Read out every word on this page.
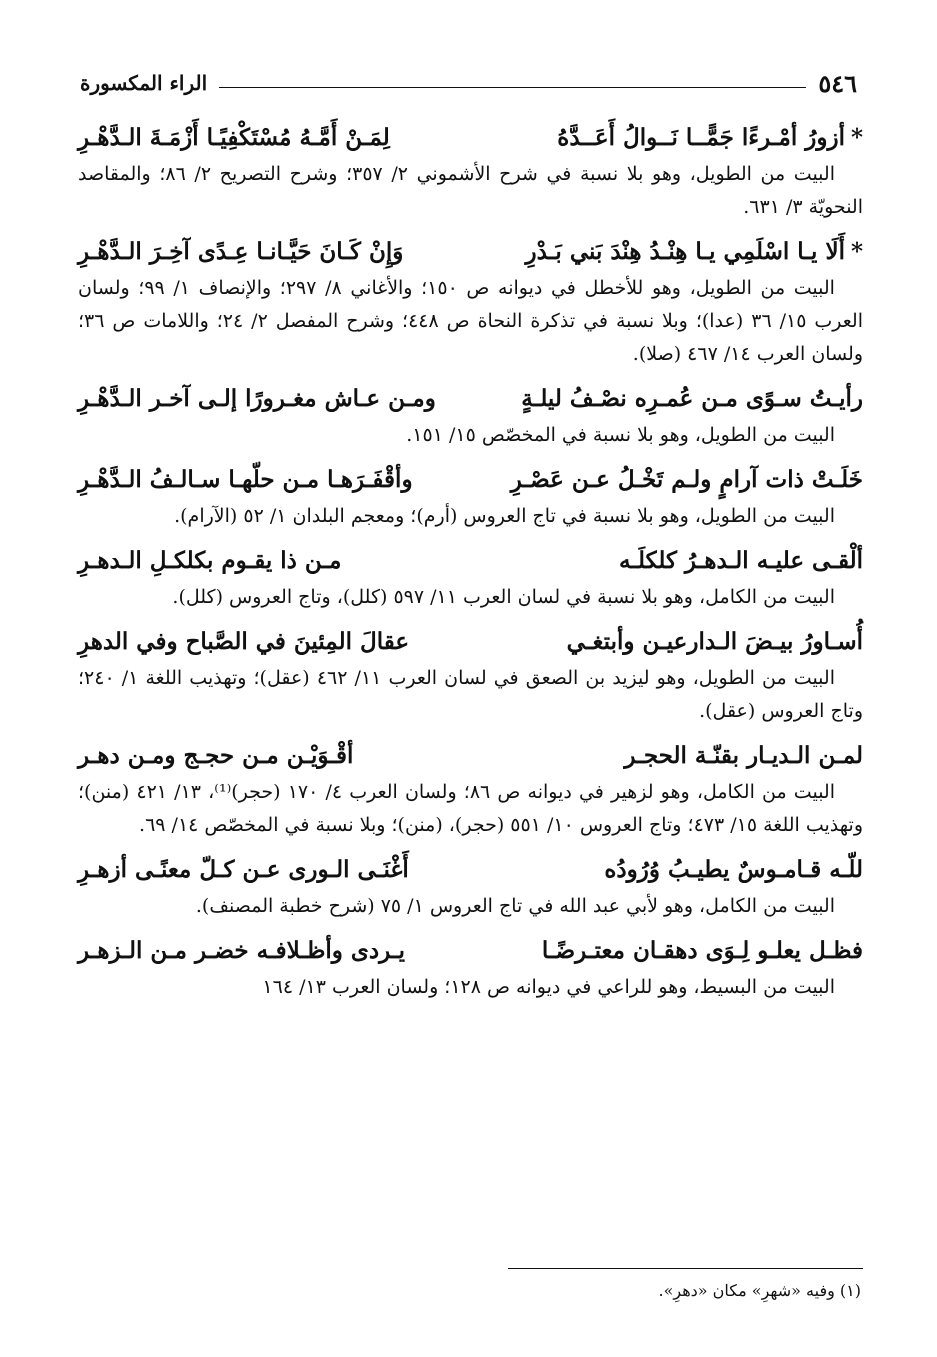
٥٤٦
الراء المكسورة
*أزورُ أمْـرءًا جَمًّــا نَــوالُ أَعَــدَّهُ
لِمَـنْ أَمَّـهُ مُسْتَكْفِيًـا أَزْمَـةَ الـدَّهْـرِ

البيت من الطويل، وهو بلا نسبة في شرح الأشموني ٢/ ٣٥٧؛ وشرح التصريح ٢/ ٨٦؛ والمقاصد النحويّة ٣/ ٦٣١.

*أَلَا يـا اسْلَمِي يـا هِنْـدُ هِنْدَ بَني بَـدْرِ
وَإِنْ كَـانَ حَيَّـانـا عِـدًى آخِـرَ الـدَّهْـرِ

البيت من الطويل، وهو للأخطل في ديوانه ص ١٥٠؛ والأغاني ٨/ ٢٩٧؛ والإنصاف ١/ ٩٩؛ ولسان العرب ١٥/ ٣٦ (عدا)؛ وبلا نسبة في تذكرة النحاة ص ٤٤٨؛ وشرح المفصل ٢/ ٢٤؛ واللامات ص ٣٦؛ ولسان العرب ١٤/ ٤٦٧ (صلا).

رأيـتُ سـوًى مـن عُمـرِه نصْـفُ ليلـةٍ
ومـن عـاش مغـرورًا إلـى آخـر الـدَّهْـرِ

البيت من الطويل، وهو بلا نسبة في المخصّص ١٥/ ١٥١.

خَلَـتْ ذات آرامٍ ولـم تَخْـلُ عـن عَصْـرِ
وأقْفَـرَهـا مـن حلّهـا سـالـفُ الـدَّهْـرِ

البيت من الطويل، وهو بلا نسبة في تاج العروس (أرم)؛ ومعجم البلدان ١/ ٥٢ (الآرام).

ألْقـى عليـه الـدهـرُ كلكلَـه
مـن ذا يقـوم بكلكـلِ الـدهـرِ

البيت من الكامل، وهو بلا نسبة في لسان العرب ١١/ ٥٩٧ (كلل)، وتاج العروس (كلل).

أُسـاورُ بيـضَ الـدارعيـن وأبتغـي
عقالَ المِئينَ في الصَّباح وفي الدهرِ

البيت من الطويل، وهو ليزيد بن الصعق في لسان العرب ١١/ ٤٦٢ (عقل)؛ وتهذيب اللغة ١/ ٢٤٠؛ وتاج العروس (عقل).

لمـن الـديـار بقنّـة الحجـر
أقْـوَيْـن مـن حجـج ومـن دهـر

البيت من الكامل، وهو لزهير في ديوانه ص ٨٦؛ ولسان العرب ٤/ ١٧٠ (حجر)⁽¹⁾، ١٣/ ٤٢١ (منن)؛ وتهذيب اللغة ١٥/ ٤٧٣؛ وتاج العروس ١٠/ ٥٥١ (حجر)، (منن)؛ وبلا نسبة في المخصّص ١٤/ ٦٩.

للّـه قـامـوسٌ يطيـبُ وُرُودُه
أَغْنَـى الـورى عـن كـلّ معنًـى أزهـرِ

البيت من الكامل، وهو لأبي عبد الله في تاج العروس ١/ ٧٥ (شرح خطبة المصنف).

فظـل يعلـو لِـوَى دهقـان معتـرضًـا
يـردى وأظـلافـه خضـر مـن الـزهـر

البيت من البسيط، وهو للراعي في ديوانه ص ١٢٨؛ ولسان العرب ١٣/ ١٦٤

(١) وفيه «شهرِ» مكان «دهرِ».
